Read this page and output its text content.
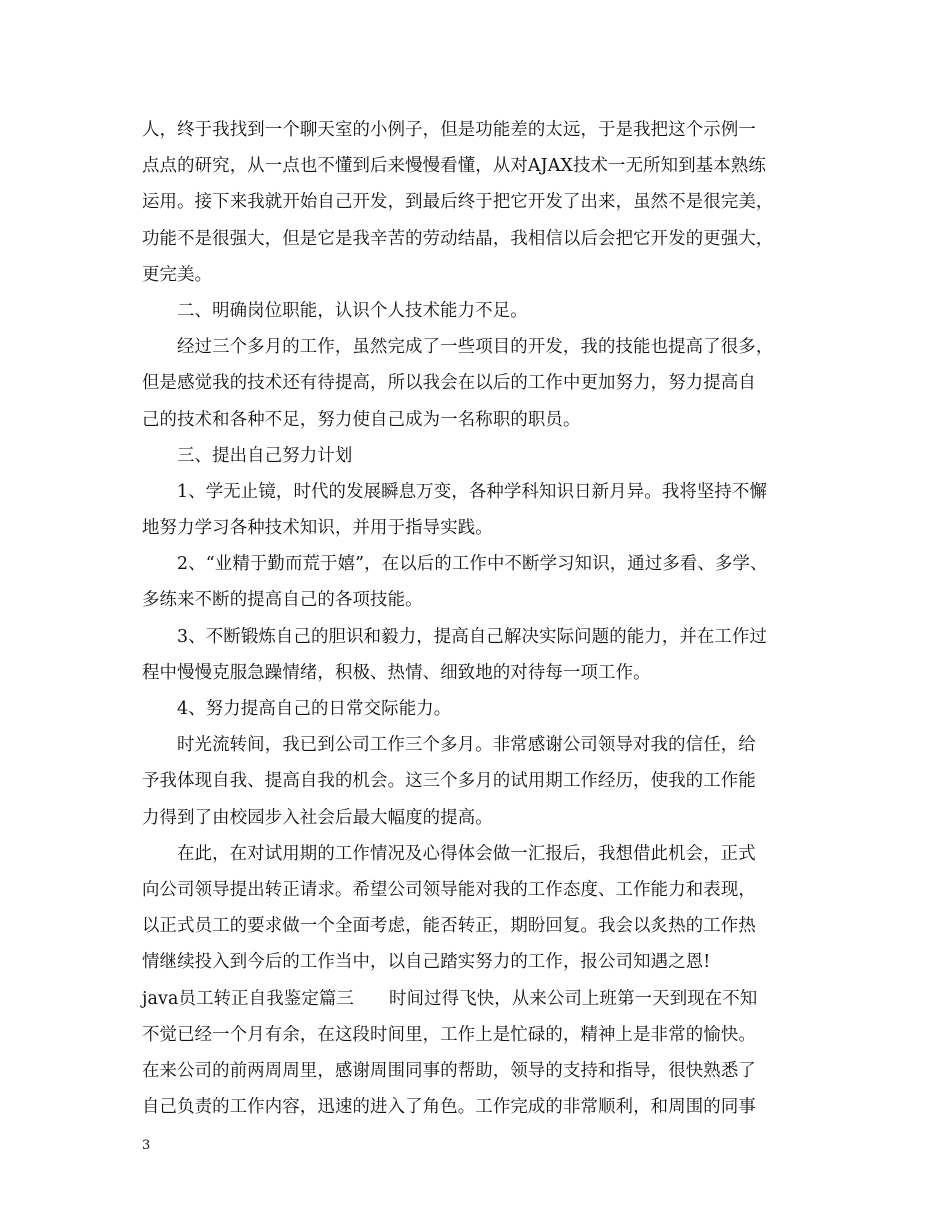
人，终于我找到一个聊天室的小例子，但是功能差的太远，于是我把这个示例一
点点的研究，从一点也不懂到后来慢慢看懂，从对AJAX技术一无所知到基本熟练
运用。接下来我就开始自己开发，到最后终于把它开发了出来，虽然不是很完美，
功能不是很强大，但是它是我辛苦的劳动结晶，我相信以后会把它开发的更强大，
更完美。
二、明确岗位职能，认识个人技术能力不足。
经过三个多月的工作，虽然完成了一些项目的开发，我的技能也提高了很多，
但是感觉我的技术还有待提高，所以我会在以后的工作中更加努力，努力提高自
己的技术和各种不足，努力使自己成为一名称职的职员。
三、提出自己努力计划
1、学无止镜，时代的发展瞬息万变，各种学科知识日新月异。我将坚持不懈
地努力学习各种技术知识，并用于指导实践。
2、“业精于勤而荒于嬉”，在以后的工作中不断学习知识，通过多看、多学、
多练来不断的提高自己的各项技能。
3、不断锻炼自己的胆识和毅力，提高自己解决实际问题的能力，并在工作过
程中慢慢克服急躁情绪，积极、热情、细致地的对待每一项工作。
4、努力提高自己的日常交际能力。
时光流转间，我已到公司工作三个多月。非常感谢公司领导对我的信任，给
予我体现自我、提高自我的机会。这三个多月的试用期工作经历，使我的工作能
力得到了由校园步入社会后最大幅度的提高。
在此，在对试用期的工作情况及心得体会做一汇报后，我想借此机会，正式
向公司领导提出转正请求。希望公司领导能对我的工作态度、工作能力和表现，
以正式员工的要求做一个全面考虑，能否转正，期盼回复。我会以炙热的工作热
情继续投入到今后的工作当中，以自己踏实努力的工作，报公司知遇之恩!
java员工转正自我鉴定篇三　　时间过得飞快，从来公司上班第一天到现在不知
不觉已经一个月有余，在这段时间里，工作上是忙碌的，精神上是非常的愉快。
在来公司的前两周周里，感谢周围同事的帮助，领导的支持和指导，很快熟悉了
自己负责的工作内容，迅速的进入了角色。工作完成的非常顺利，和周围的同事
3
